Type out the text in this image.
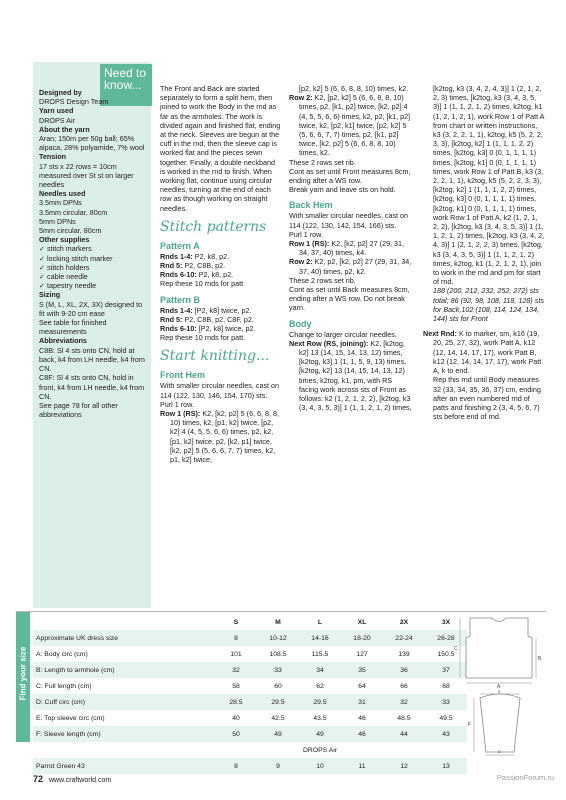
Need to know...
Designed by
DROPS Design Team
Yarn used
DROPS Air
About the yarn
Aran; 150m per 50g ball; 65% alpaca, 28% polyamide, 7% wool
Tension
17 sts x 22 rows = 10cm measured over St st on larger needles
Needles used
3.5mm DPNs
3.5mm circular, 80cm
5mm DPNs
5mm circular, 80cm
Other supplies
✓ stitch markers
✓ locking stitch marker
✓ stitch holders
✓ cable needle
✓ tapestry needle
Sizing
S (M, L, XL, 2X, 3X) designed to fit with 9-20 cm ease
See table for finished measurements
Abbreviations
C8B: Sl 4 sts onto CN, hold at back, k4 from LH needle, k4 from CN.
C8F: Sl 4 sts onto CN, hold in front, k4 from LH needle, k4 from CN.
See page 78 for all other abbreviations
The Front and Back are started separately to form a split hem, then joined to work the Body in the rnd as far as the armholes. The work is divided again and finished flat, ending at the neck. Sleeves are begun at the cuff in the rnd, then the sleeve cap is worked flat and the pieces sewn together. Finally, a double neckband is worked in the rnd to finish. When working flat, continue using circular needles, turning at the end of each row as though working on straight needles.
Stitch patterns
Pattern A
Rnds 1-4: P2, k8, p2.
Rnd 5: P2, C8B, p2.
Rnds 6-10: P2, k8, p2.
Rep these 10 rnds for patt
Pattern B
Rnds 1-4: [P2, k8] twice, p2.
Rnd 5: P2, C8B, p2, C8F, p2.
Rnds 6-10: [P2, k8] twice, p2.
Rep these 10 rnds for patt.
Start knitting...
Front Hem
With smaller circular needles, cast on 114 (122, 130, 146, 154, 170) sts.
Purl 1 row.
Row 1 (RS): K2, [k2, p2] 5 (6, 6, 8, 8, 10) times, k2, [p1, k2] twice, [p2, k2] 4 (4, 5, 5, 6, 6) times, p2, k2, [p1, k2] twice, p2, [k2, p1] twice, [k2, p2] 5 (5, 6, 6, 7, 7) times, k2, p1, k2] twice,
[p2, k2] 5 (6, 6, 8, 8, 10) times, k2.
Row 2: K2, [p2, k2] 5 (6, 6, 8, 8, 10) times, p2, [k1, p2] twice, [k2, p2] 4 (4, 5, 5, 6, 6) times, k2, p2, [k1, p2] twice, k2, [p2, k1] twice, [p2, k2] 5 (5, 6, 6, 7, 7) times, p2, [k1, p2] twice, [k2, p2] 5 (6, 6, 8, 8, 10) times, k2.
These 2 rows set rib.
Cont as set until Front measures 8cm, ending after a WS row.
Break yarn and leave sts on hold.
Back Hem
With smaller circular needles, cast on 114 (122, 130, 142, 154, 166) sts.
Purl 1 row.
Row 1 (RS): K2, [k2, p2] 27 (29, 31, 34, 37, 40) times, k4.
Row 2: K2, p2, [k2, p2] 27 (29, 31, 34, 37, 40) times, p2, k2.
These 2 rows set rib.
Cont as set until Back measures 8cm, ending after a WS row. Do not break yarn.
Body
Change to larger circular needles.
Next Row (RS, joining): K2, [k2tog, k2] 13 (14, 15, 14, 13, 12) times, [k2tog, k3] 1 (1, 1, 5, 9, 13) times, [k2tog, k2] 13 (14, 15, 14, 13, 12) times, k2tog, k1, pm, with RS facing work across sts of Front as follows: k2 (1, 2, 1, 2, 2), [k2tog, k3 (3, 4, 3, 5, 3)] 1 (1, 1, 2, 1, 2) times,
[k2tog, k3 (3, 4, 2, 4, 3)] 1 (2, 1, 2, 2, 3) times, [k2tog, k3 (3, 4, 3, 5, 3)] 1 (1, 1, 2, 1, 2) times, k2tog, k1 (1, 2, 1, 2, 1), work Row 1 of Patt A from chart or written instructions, k3 (3, 2, 2, 1, 1), k2tog, k5 (5, 2, 2, 3, 3), [k2tog, k2] 1 (1, 1, 1, 2, 2) times, [k2tog, k3] 0 (0, 1, 1, 1, 1) times, [k2tog, k1] 0 (0, 1, 1, 1, 1) times, work Row 1 of Patt B, k3 (3, 2, 2, 1, 1), k2tog, k5 (5, 2, 2, 3, 3), [k2tog, k2] 1 (1, 1, 1, 2, 2) times, [k2tog, k3] 0 (0, 1, 1, 1, 1) times, [k2tog, k1] 0 (0, 1, 1, 1, 1) times, work Row 1 of Patt A, k2 (1, 2, 1, 2, 2), [k2tog, k3 (3, 4, 3, 5, 3)] 1 (1, 1, 2, 1, 2) times, [k2tog, k3 (3, 4, 2, 4, 3)] 1 (2, 1, 2, 2, 3) times, [k2tog, k3 (3, 4, 3, 5, 3)] 1 (1, 1, 2, 1, 2) times, k2tog, k1 (1, 2, 1, 2, 1), join to work in the rnd and pm for start of rnd.
188 (200, 212, 232, 252, 272) sts total; 86 (92, 98, 108, 118, 128) sts for Back,102 (108, 114, 124, 134, 144) sts for Front
Next Rnd: K to marker, sm, k16 (19, 20, 25, 27, 32), work Patt A, k12 (12, 14, 14, 17, 17), work Patt B, k12 (12, 14, 14, 17, 17), work Patt A, k to end.
Rep this rnd until Body measures 32 (33, 34, 35, 36, 37) cm, ending after an even numbered rnd of patts and finishing 2 (3, 4, 5, 6, 7) sts before end of rnd.
Find your size
	S	M	L	XL	2X	3X
Approximate UK dress size	8	10-12	14-16	18-20	22-24	26-28
A: Body circ (cm)	101	108.5	115.5	127	139	150.5
B: Length to armhole (cm)	32	33	34	35	36	37
C: Full length (cm)	58	60	62	64	66	68
D: Cuff circ (cm)	28.5	29.5	29.5	31	32	33
E: Top sleeve circ (cm)	40	42.5	43.5	46	48.5	49.5
F: Sleeve length (cm)	50	49	49	46	44	43
			DROPS Air			
Parrot Green 43	8	9	10	11	12	13
A
B
C
D
E
F
72 www.craftworld.com	PassionForum.ru
